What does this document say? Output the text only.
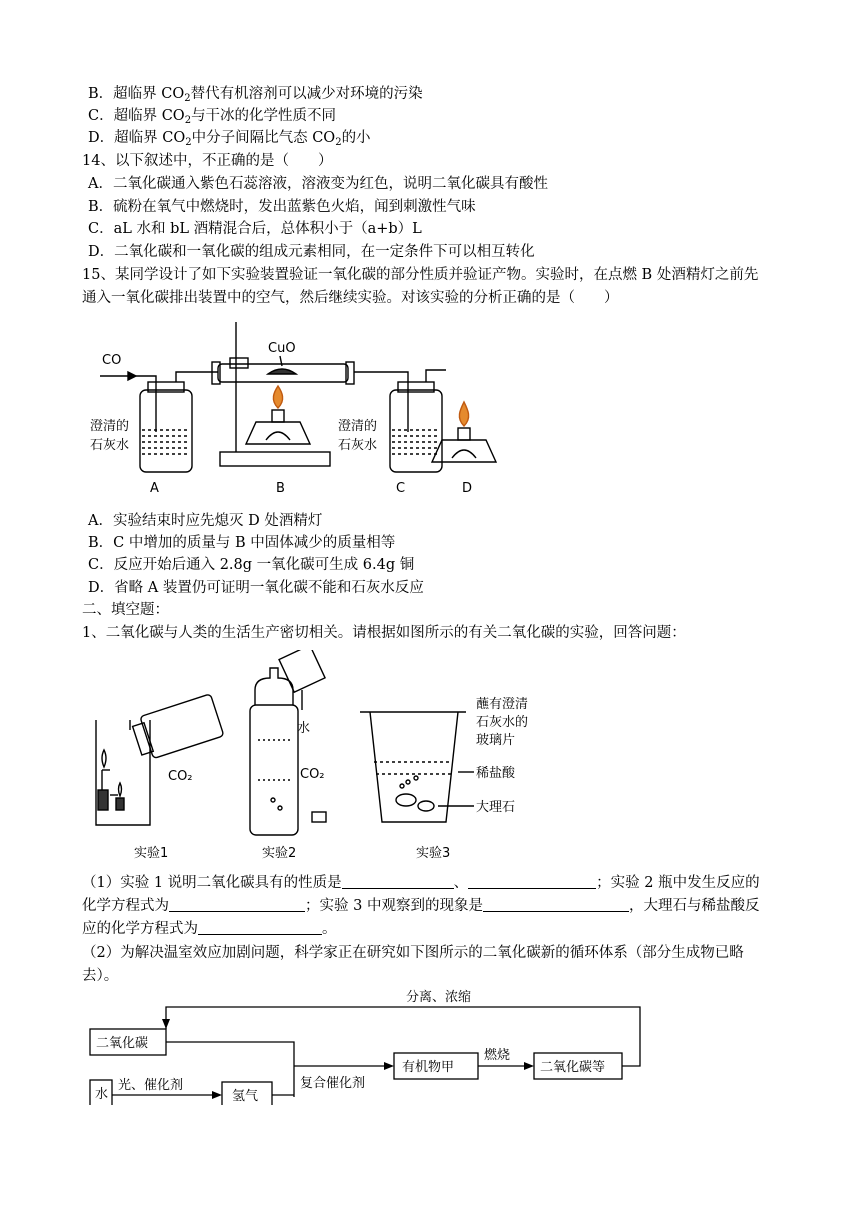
B．超临界 $CO_2$替代有机溶剂可以减少对环境的污染
C．超临界 $CO_2$与干冰的化学性质不同
D．超临界 $CO_2$中分子间隔比气态 $CO_2$的小
14、以下叙述中，不正确的是（　　）
A．二氧化碳通入紫色石蕊溶液，溶液变为红色，说明二氧化碳具有酸性
B．硫粉在氧气中燃烧时，发出蓝紫色火焰，闻到刺激性气味
C．aL 水和 bL 酒精混合后，总体积小于（a+b）L
D．二氧化碳和一氧化碳的组成元素相同，在一定条件下可以相互转化
15、某同学设计了如下实验装置验证一氧化碳的部分性质并验证产物。实验时，在点燃 B 处酒精灯之前先
通入一氧化碳排出装置中的空气，然后继续实验。对该实验的分析正确的是（　　）
CO
CuO
澄清的
石灰水
澄清的
石灰水
A	B	C	D
A．实验结束时应先熄灭 D 处酒精灯
B．C 中增加的质量与 B 中固体减少的质量相等
C．反应开始后通入 2.8g 一氧化碳可生成 6.4g 铜
D．省略 A 装置仍可证明一氧化碳不能和石灰水反应
二、填空题：
1、二氧化碳与人类的生活生产密切相关。请根据如图所示的有关二氧化碳的实验，回答问题：
CO₂
水
CO₂
蘸有澄清
石灰水的
玻璃片
稀盐酸
大理石
实验1	实验2	实验3
（1）实验 1 说明二氧化碳具有的性质是	、	；实验 2 瓶中发生反应的
化学方程式为	；实验 3 中观察到的现象是	，大理石与稀盐酸反
应的化学方程式为	。
（2）为解决温室效应加剧问题，科学家正在研究如下图所示的二氧化碳新的循环体系（部分生成物已略
去）。
分离、浓缩
二氧化碳
水
光、催化剂
氢气
复合催化剂
有机物甲
燃烧
二氧化碳等
